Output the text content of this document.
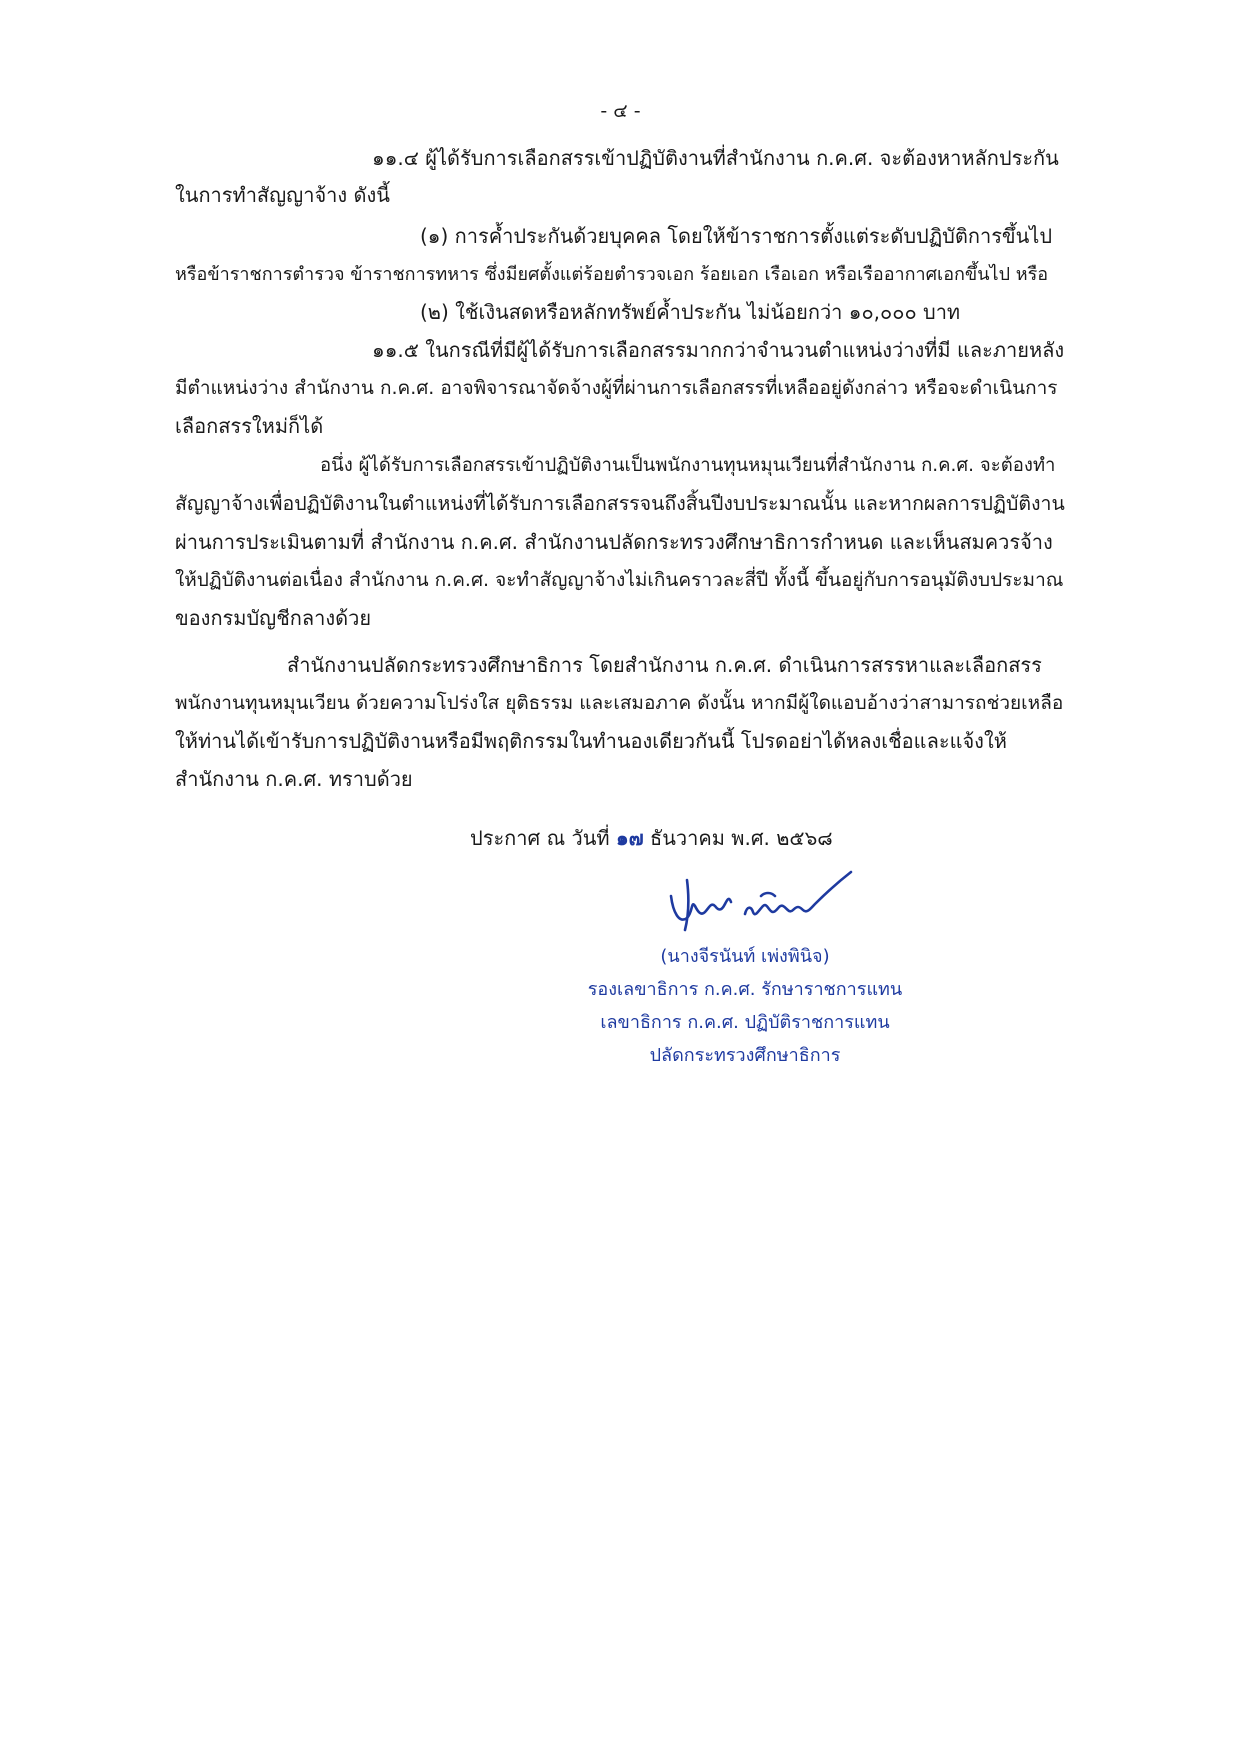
- ๔ -
๑๑.๔ ผู้ได้รับการเลือกสรรเข้าปฏิบัติงานที่สำนักงาน ก.ค.ศ. จะต้องหาหลักประกัน
ในการทำสัญญาจ้าง ดังนี้
(๑) การค้ำประกันด้วยบุคคล โดยให้ข้าราชการตั้งแต่ระดับปฏิบัติการขึ้นไป
หรือข้าราชการตำรวจ ข้าราชการทหาร ซึ่งมียศตั้งแต่ร้อยตำรวจเอก ร้อยเอก เรือเอก หรือเรืออากาศเอกขึ้นไป หรือ
(๒) ใช้เงินสดหรือหลักทรัพย์ค้ำประกัน ไม่น้อยกว่า ๑๐,๐๐๐ บาท
๑๑.๕ ในกรณีที่มีผู้ได้รับการเลือกสรรมากกว่าจำนวนตำแหน่งว่างที่มี และภายหลัง
มีตำแหน่งว่าง สำนักงาน ก.ค.ศ. อาจพิจารณาจัดจ้างผู้ที่ผ่านการเลือกสรรที่เหลืออยู่ดังกล่าว หรือจะดำเนินการ
เลือกสรรใหม่ก็ได้
อนึ่ง ผู้ได้รับการเลือกสรรเข้าปฏิบัติงานเป็นพนักงานทุนหมุนเวียนที่สำนักงาน ก.ค.ศ. จะต้องทำ
สัญญาจ้างเพื่อปฏิบัติงานในตำแหน่งที่ได้รับการเลือกสรรจนถึงสิ้นปีงบประมาณนั้น และหากผลการปฏิบัติงาน
ผ่านการประเมินตามที่ สำนักงาน ก.ค.ศ. สำนักงานปลัดกระทรวงศึกษาธิการกำหนด และเห็นสมควรจ้าง
ให้ปฏิบัติงานต่อเนื่อง สำนักงาน ก.ค.ศ. จะทำสัญญาจ้างไม่เกินคราวละสี่ปี ทั้งนี้ ขึ้นอยู่กับการอนุมัติงบประมาณ
ของกรมบัญชีกลางด้วย
สำนักงานปลัดกระทรวงศึกษาธิการ โดยสำนักงาน ก.ค.ศ. ดำเนินการสรรหาและเลือกสรร
พนักงานทุนหมุนเวียน ด้วยความโปร่งใส ยุติธรรม และเสมอภาค ดังนั้น หากมีผู้ใดแอบอ้างว่าสามารถช่วยเหลือ
ให้ท่านได้เข้ารับการปฏิบัติงานหรือมีพฤติกรรมในทำนองเดียวกันนี้ โปรดอย่าได้หลงเชื่อและแจ้งให้
สำนักงาน ก.ค.ศ. ทราบด้วย
ประกาศ ณ วันที่ ๑๗ ธันวาคม พ.ศ. ๒๕๖๘
(นางจีรนันท์ เพ่งพินิจ)
รองเลขาธิการ ก.ค.ศ. รักษาราชการแทน
เลขาธิการ ก.ค.ศ. ปฏิบัติราชการแทน
ปลัดกระทรวงศึกษาธิการ
